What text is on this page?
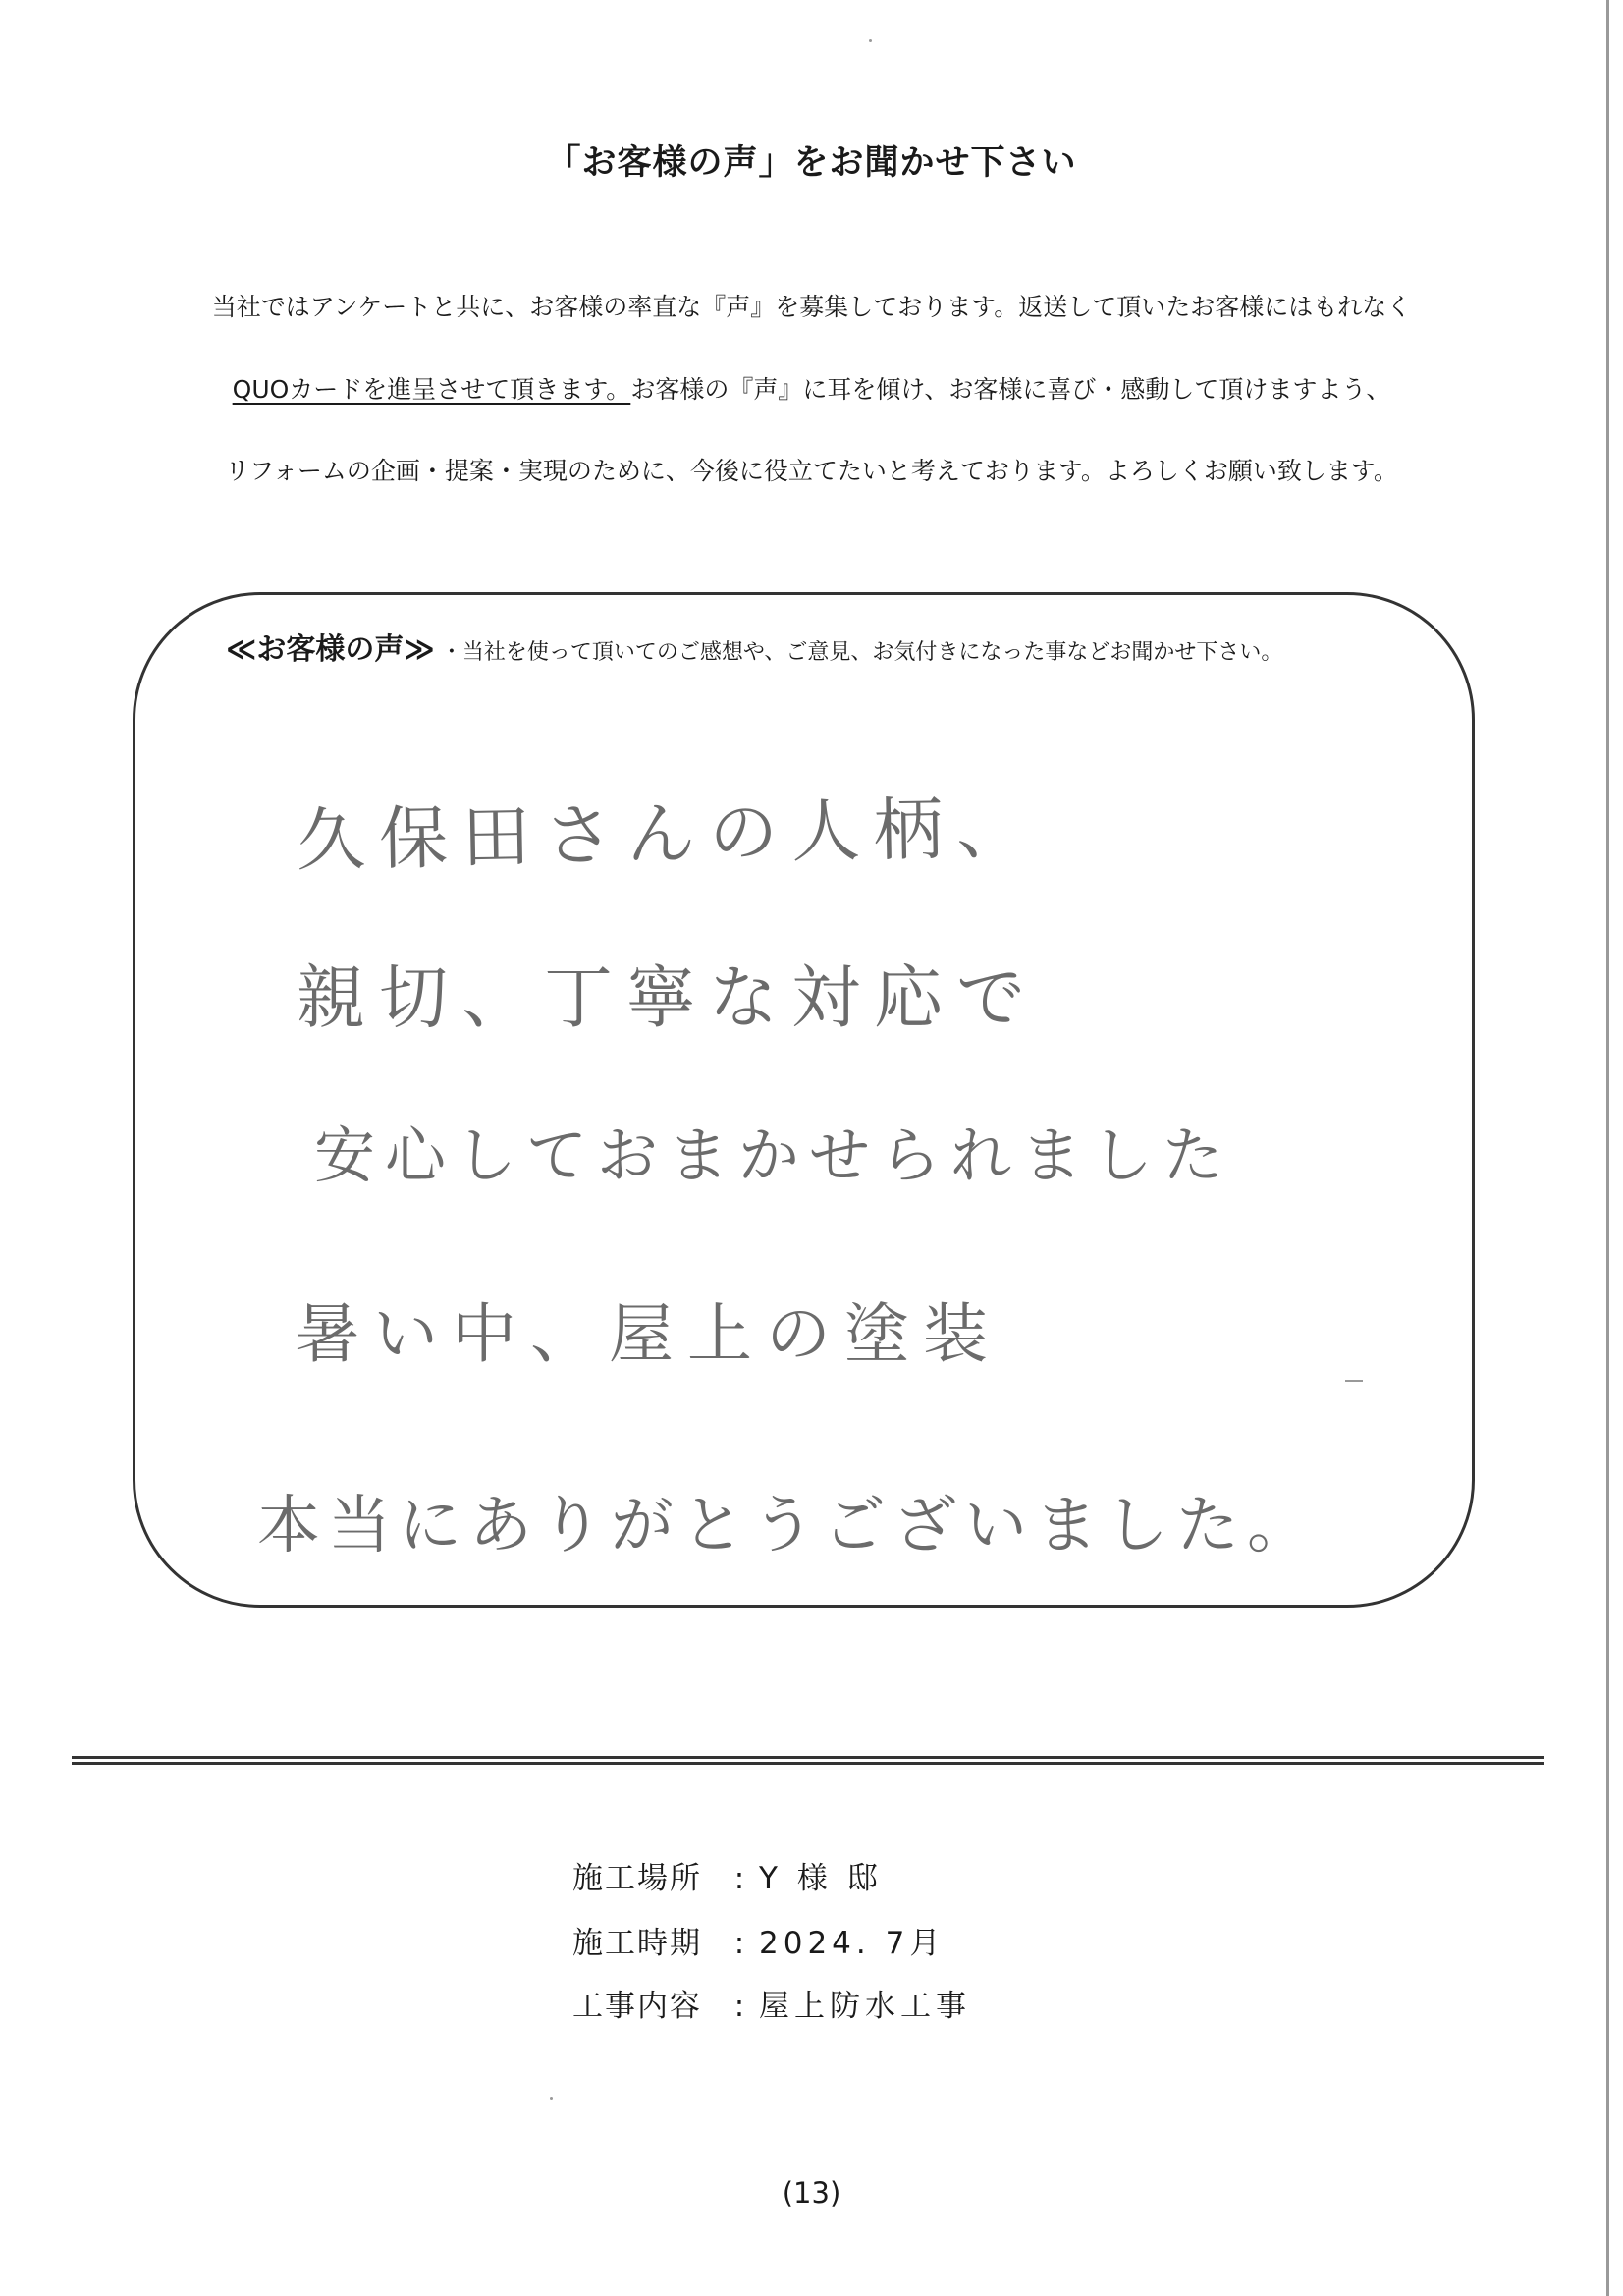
「お客様の声」をお聞かせ下さい
当社ではアンケートと共に、お客様の率直な『声』を募集しております。返送して頂いたお客様にはもれなく
QUOカードを進呈させて頂きます。お客様の『声』に耳を傾け、お客様に喜び・感動して頂けますよう、
リフォームの企画・提案・実現のために、今後に役立てたいと考えております。よろしくお願い致します。
≪お客様の声≫ ・当社を使って頂いてのご感想や、ご意見、お気付きになった事などお聞かせ下さい。
久保田さんの人柄、
親切、丁寧な対応で
安心しておまかせられました
暑い中、屋上の塗装
本当にありがとうございました。
施工場所 : Y 様 邸
施工時期 : 2024. 7月
工事内容 : 屋上防水工事
(13)
